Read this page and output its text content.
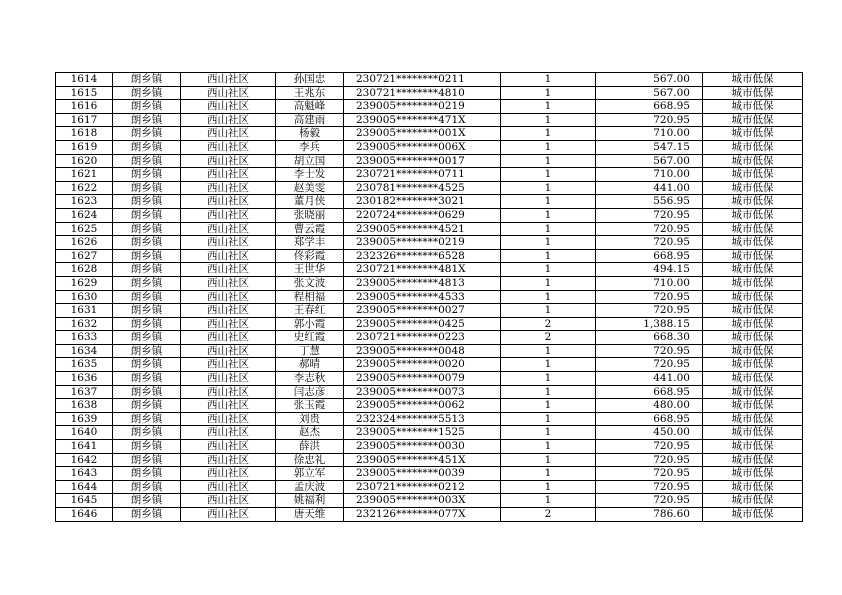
1614	朗乡镇	西山社区	孙国忠	230721********0211	1	567.00	城市低保
1615	朗乡镇	西山社区	王兆东	230721********4810	1	567.00	城市低保
1616	朗乡镇	西山社区	高魁峰	239005********0219	1	668.95	城市低保
1617	朗乡镇	西山社区	高建雨	239005********471X	1	720.95	城市低保
1618	朗乡镇	西山社区	杨毅	239005********001X	1	710.00	城市低保
1619	朗乡镇	西山社区	李兵	239005********006X	1	547.15	城市低保
1620	朗乡镇	西山社区	胡立国	239005********0017	1	567.00	城市低保
1621	朗乡镇	西山社区	李士发	230721********0711	1	710.00	城市低保
1622	朗乡镇	西山社区	赵美雯	230781********4525	1	441.00	城市低保
1623	朗乡镇	西山社区	董月侠	230182********3021	1	556.95	城市低保
1624	朗乡镇	西山社区	张晓丽	220724********0629	1	720.95	城市低保
1625	朗乡镇	西山社区	曹云霞	239005********4521	1	720.95	城市低保
1626	朗乡镇	西山社区	郑学丰	239005********0219	1	720.95	城市低保
1627	朗乡镇	西山社区	佟彩霞	232326********6528	1	668.95	城市低保
1628	朗乡镇	西山社区	王世华	230721********481X	1	494.15	城市低保
1629	朗乡镇	西山社区	张文波	239005********4813	1	710.00	城市低保
1630	朗乡镇	西山社区	程相福	239005********4533	1	720.95	城市低保
1631	朗乡镇	西山社区	王春红	239005********0027	1	720.95	城市低保
1632	朗乡镇	西山社区	郭小霞	239005********0425	2	1,388.15	城市低保
1633	朗乡镇	西山社区	史红霞	230721********0223	2	668.30	城市低保
1634	朗乡镇	西山社区	丁慧	239005********0048	1	720.95	城市低保
1635	朗乡镇	西山社区	郝晴	239005********0020	1	720.95	城市低保
1636	朗乡镇	西山社区	李志秋	239005********0079	1	441.00	城市低保
1637	朗乡镇	西山社区	闫志彦	239005********0073	1	668.95	城市低保
1638	朗乡镇	西山社区	张玉霞	239005********0062	1	480.00	城市低保
1639	朗乡镇	西山社区	刘贵	232324********5513	1	668.95	城市低保
1640	朗乡镇	西山社区	赵杰	239005********1525	1	450.00	城市低保
1641	朗乡镇	西山社区	薛洪	239005********0030	1	720.95	城市低保
1642	朗乡镇	西山社区	徐忠礼	239005********451X	1	720.95	城市低保
1643	朗乡镇	西山社区	郭立军	239005********0039	1	720.95	城市低保
1644	朗乡镇	西山社区	孟庆波	230721********0212	1	720.95	城市低保
1645	朗乡镇	西山社区	姚福利	239005********003X	1	720.95	城市低保
1646	朗乡镇	西山社区	唐天维	232126********077X	2	786.60	城市低保
